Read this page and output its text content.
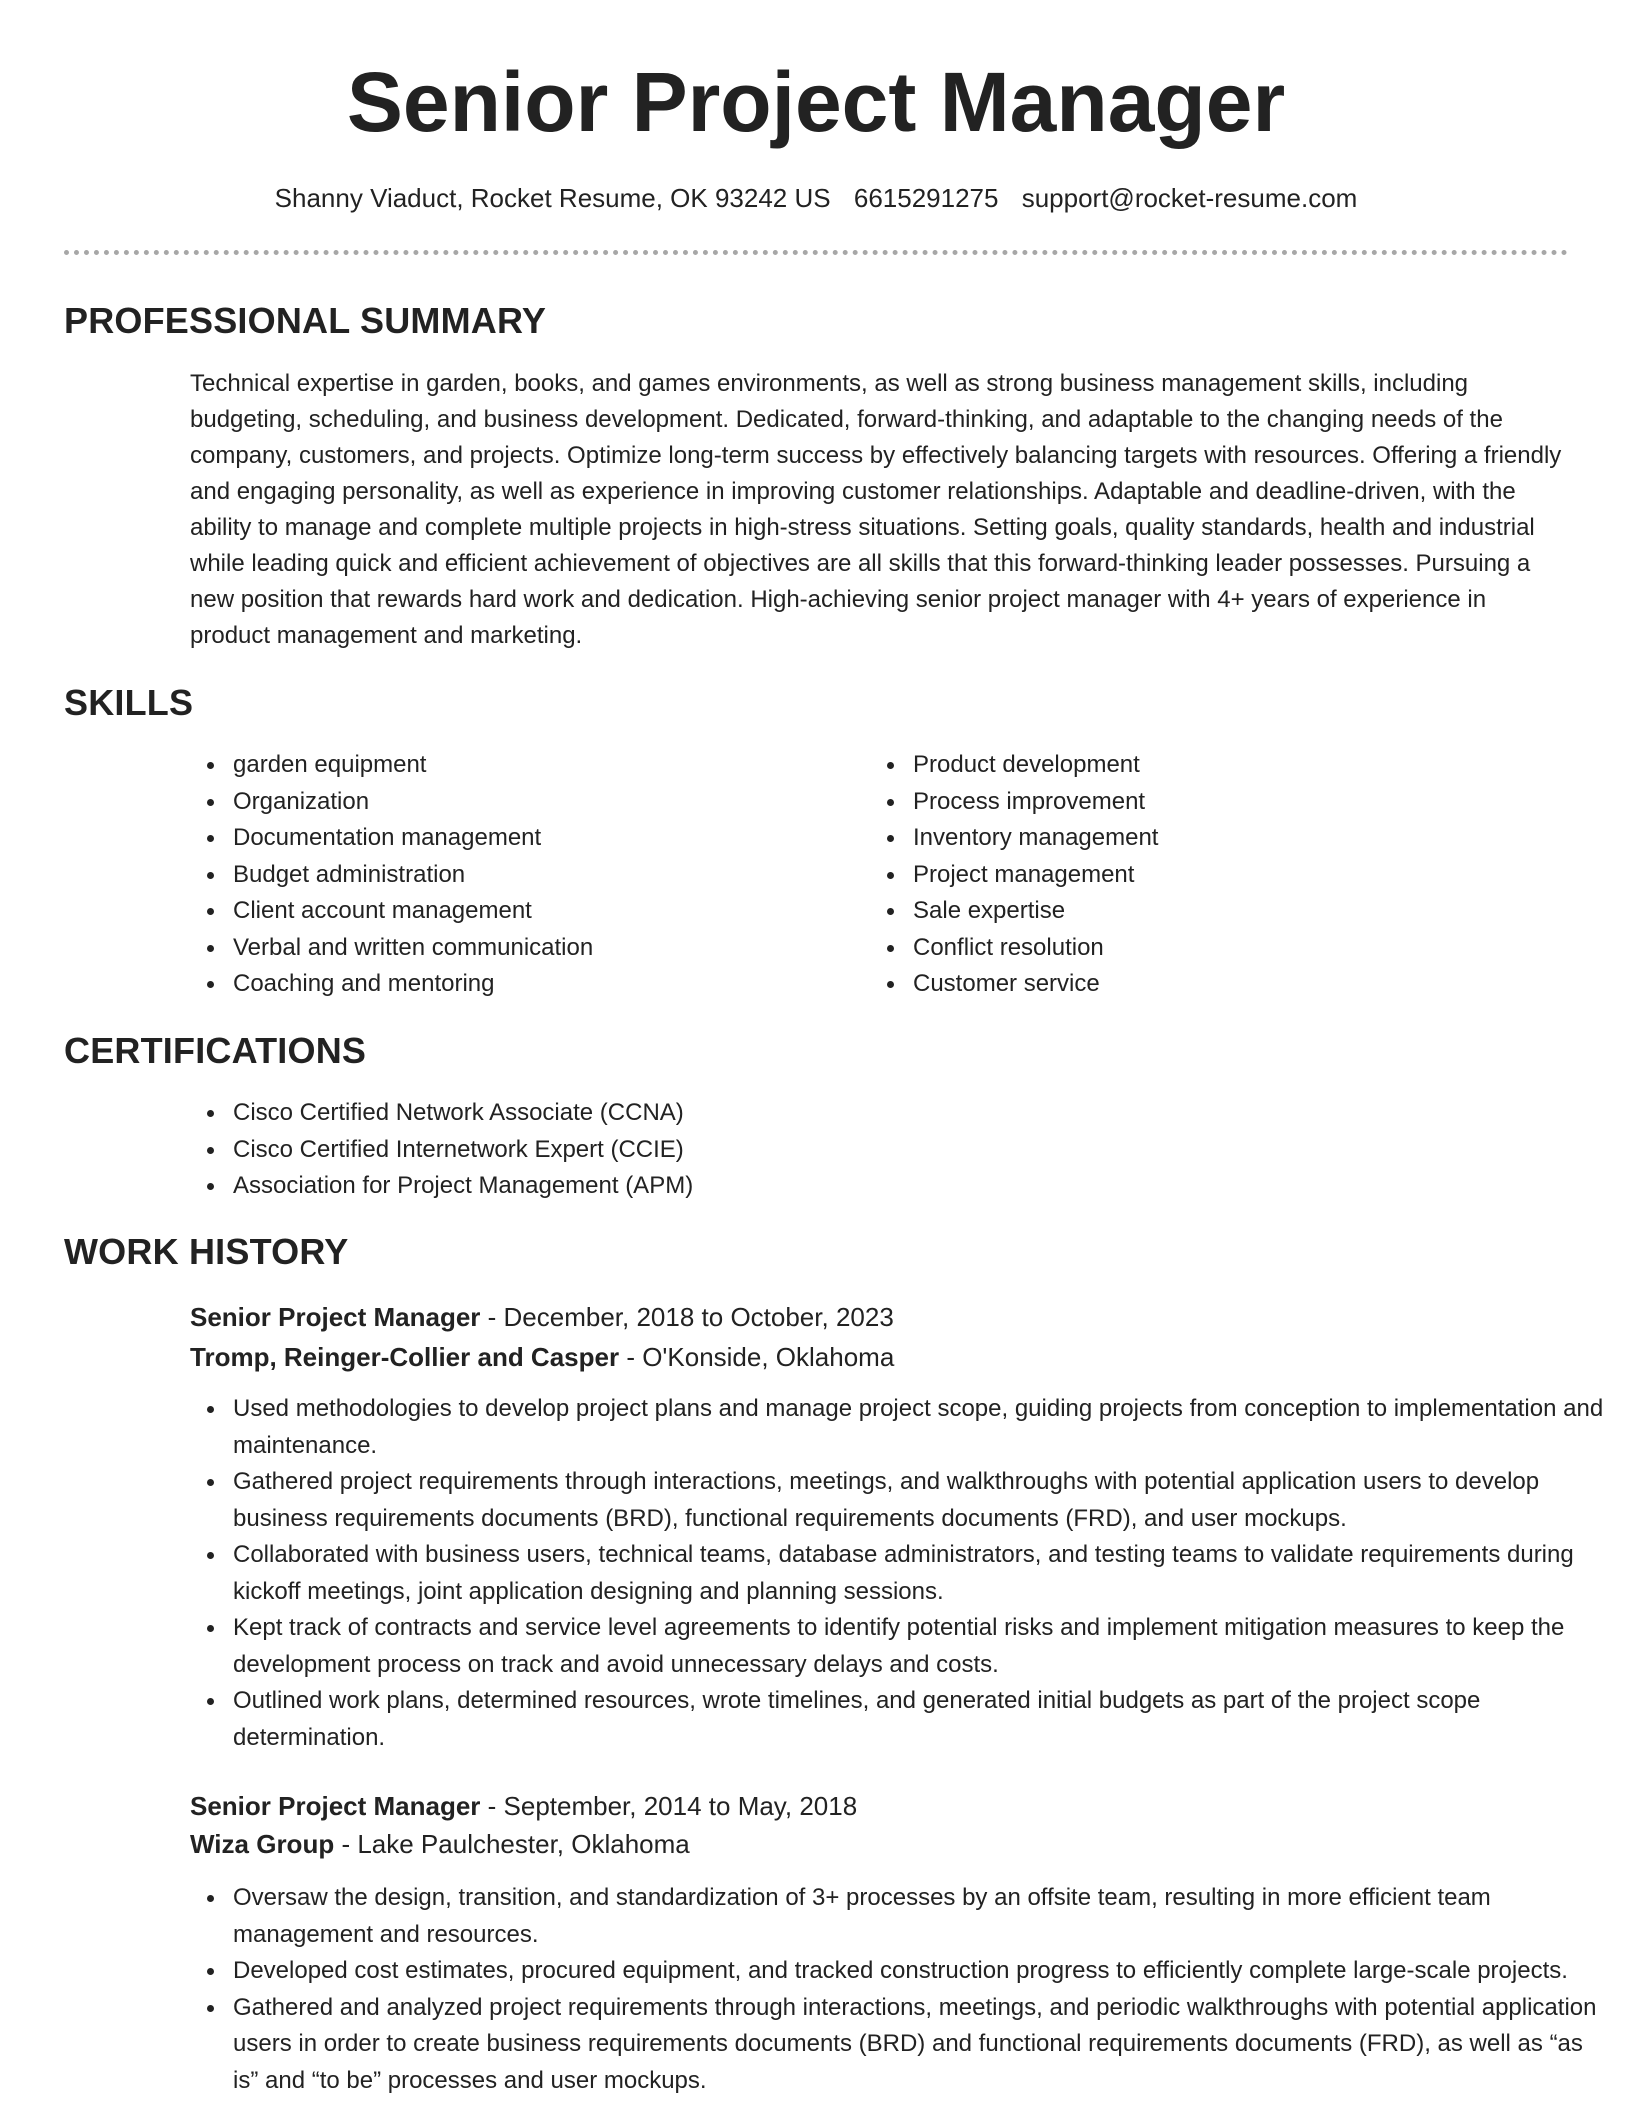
Senior Project Manager
Shanny Viaduct, Rocket Resume, OK 93242 US 6615291275 support@rocket-resume.com
PROFESSIONAL SUMMARY

Technical expertise in garden, books, and games environments, as well as strong business management skills, including budgeting, scheduling, and business development. Dedicated, forward-thinking, and adaptable to the changing needs of the company, customers, and projects. Optimize long-term success by effectively balancing targets with resources. Offering a friendly and engaging personality, as well as experience in improving customer relationships. Adaptable and deadline-driven, with the ability to manage and complete multiple projects in high-stress situations. Setting goals, quality standards, health and industrial while leading quick and efficient achievement of objectives are all skills that this forward-thinking leader possesses. Pursuing a new position that rewards hard work and dedication. High-achieving senior project manager with 4+ years of experience in product management and marketing.

SKILLS
garden equipment
Organization
Documentation management
Budget administration
Client account management
Verbal and written communication
Coaching and mentoring
Product development
Process improvement
Inventory management
Project management
Sale expertise
Conflict resolution
Customer service
CERTIFICATIONS
Cisco Certified Network Associate (CCNA)
Cisco Certified Internetwork Expert (CCIE)
Association for Project Management (APM)
WORK HISTORY
Senior Project Manager - December, 2018 to October, 2023
Tromp, Reinger-Collier and Casper - O'Konside, Oklahoma
Used methodologies to develop project plans and manage project scope, guiding projects from conception to implementation and maintenance.
Gathered project requirements through interactions, meetings, and walkthroughs with potential application users to develop business requirements documents (BRD), functional requirements documents (FRD), and user mockups.
Collaborated with business users, technical teams, database administrators, and testing teams to validate requirements during kickoff meetings, joint application designing and planning sessions.
Kept track of contracts and service level agreements to identify potential risks and implement mitigation measures to keep the development process on track and avoid unnecessary delays and costs.
Outlined work plans, determined resources, wrote timelines, and generated initial budgets as part of the project scope determination.
Senior Project Manager - September, 2014 to May, 2018
Wiza Group - Lake Paulchester, Oklahoma
Oversaw the design, transition, and standardization of 3+ processes by an offsite team, resulting in more efficient team management and resources.
Developed cost estimates, procured equipment, and tracked construction progress to efficiently complete large-scale projects.
Gathered and analyzed project requirements through interactions, meetings, and periodic walkthroughs with potential application users in order to create business requirements documents (BRD) and functional requirements documents (FRD), as well as “as is” and “to be” processes and user mockups.
